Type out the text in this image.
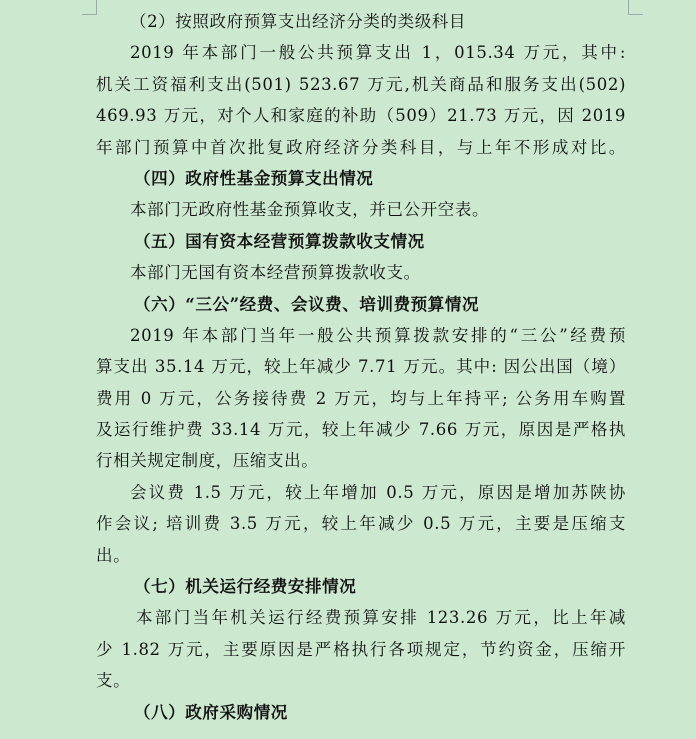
（2）按照政府预算支出经济分类的类级科目
2019 年本部门一般公共预算支出 1，015.34 万元，其中:
机关工资福利支出(501) 523.67 万元,机关商品和服务支出(502)
469.93 万元，对个人和家庭的补助（509）21.73 万元，因 2019
年部门预算中首次批复政府经济分类科目，与上年不形成对比。
（四）政府性基金预算支出情况
本部门无政府性基金预算收支，并已公开空表。
（五）国有资本经营预算拨款收支情况
本部门无国有资本经营预算拨款收支。
（六）“三公”经费、会议费、培训费预算情况
2019 年本部门当年一般公共预算拨款安排的“三公”经费预
算支出 35.14 万元，较上年减少 7.71 万元。其中: 因公出国（境）
费用 0 万元，公务接待费 2 万元，均与上年持平; 公务用车购置
及运行维护费 33.14 万元，较上年减少 7.66 万元，原因是严格执
行相关规定制度，压缩支出。
会议费 1.5 万元，较上年增加 0.5 万元，原因是增加苏陕协
作会议; 培训费 3.5 万元，较上年减少 0.5 万元，主要是压缩支
出。
（七）机关运行经费安排情况
本部门当年机关运行经费预算安排 123.26 万元，比上年减
少 1.82 万元，主要原因是严格执行各项规定，节约资金，压缩开
支。
（八）政府采购情况
